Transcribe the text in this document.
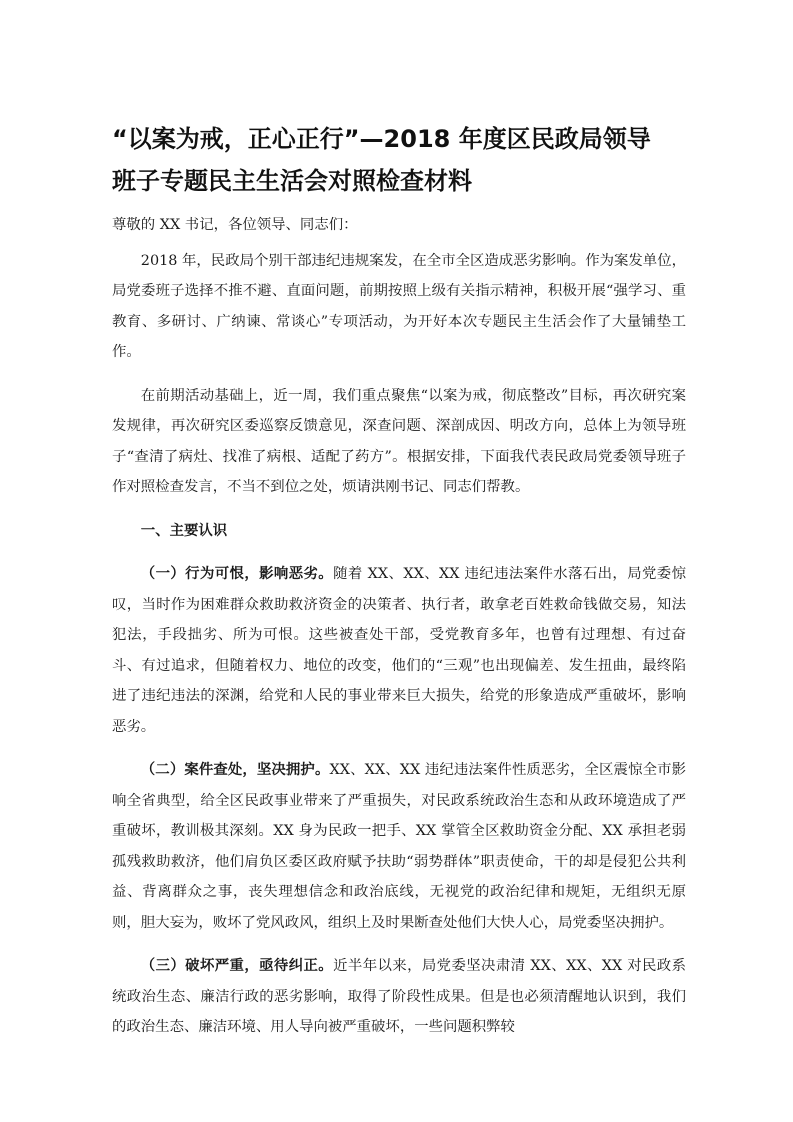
“以案为戒，正心正行”—2018 年度区民政局领导
班子专题民主生活会对照检查材料

尊敬的 XX 书记，各位领导、同志们：

2018 年，民政局个别干部违纪违规案发，在全市全区造成恶劣影响。作为案发单位，局党委班子选择不推不避、直面问题，前期按照上级有关指示精神，积极开展“强学习、重教育、多研讨、广纳谏、常谈心”专项活动，为开好本次专题民主生活会作了大量铺垫工作。

在前期活动基础上，近一周，我们重点聚焦“以案为戒，彻底整改”目标，再次研究案发规律，再次研究区委巡察反馈意见，深查问题、深剖成因、明改方向，总体上为领导班子“查清了病灶、找准了病根、适配了药方”。根据安排，下面我代表民政局党委领导班子作对照检查发言，不当不到位之处，烦请洪刚书记、同志们帮教。

一、主要认识

（一）行为可恨，影响恶劣。随着 XX、XX、XX 违纪违法案件水落石出，局党委惊叹，当时作为困难群众救助救济资金的决策者、执行者，敢拿老百姓救命钱做交易，知法犯法，手段拙劣、所为可恨。这些被查处干部，受党教育多年，也曾有过理想、有过奋斗、有过追求，但随着权力、地位的改变，他们的“三观”也出现偏差、发生扭曲，最终陷进了违纪违法的深渊，给党和人民的事业带来巨大损失，给党的形象造成严重破坏，影响恶劣。

（二）案件查处，坚决拥护。XX、XX、XX 违纪违法案件性质恶劣，全区震惊全市影响全省典型，给全区民政事业带来了严重损失，对民政系统政治生态和从政环境造成了严重破坏，教训极其深刻。XX 身为民政一把手、XX 掌管全区救助资金分配、XX 承担老弱孤残救助救济，他们肩负区委区政府赋予扶助“弱势群体”职责使命，干的却是侵犯公共利益、背离群众之事，丧失理想信念和政治底线，无视党的政治纪律和规矩，无组织无原则，胆大妄为，败坏了党风政风，组织上及时果断查处他们大快人心，局党委坚决拥护。

（三）破坏严重，亟待纠正。近半年以来，局党委坚决肃清 XX、XX、XX 对民政系统政治生态、廉洁行政的恶劣影响，取得了阶段性成果。但是也必须清醒地认识到，我们的政治生态、廉洁环境、用人导向被严重破坏，一些问题积弊较
